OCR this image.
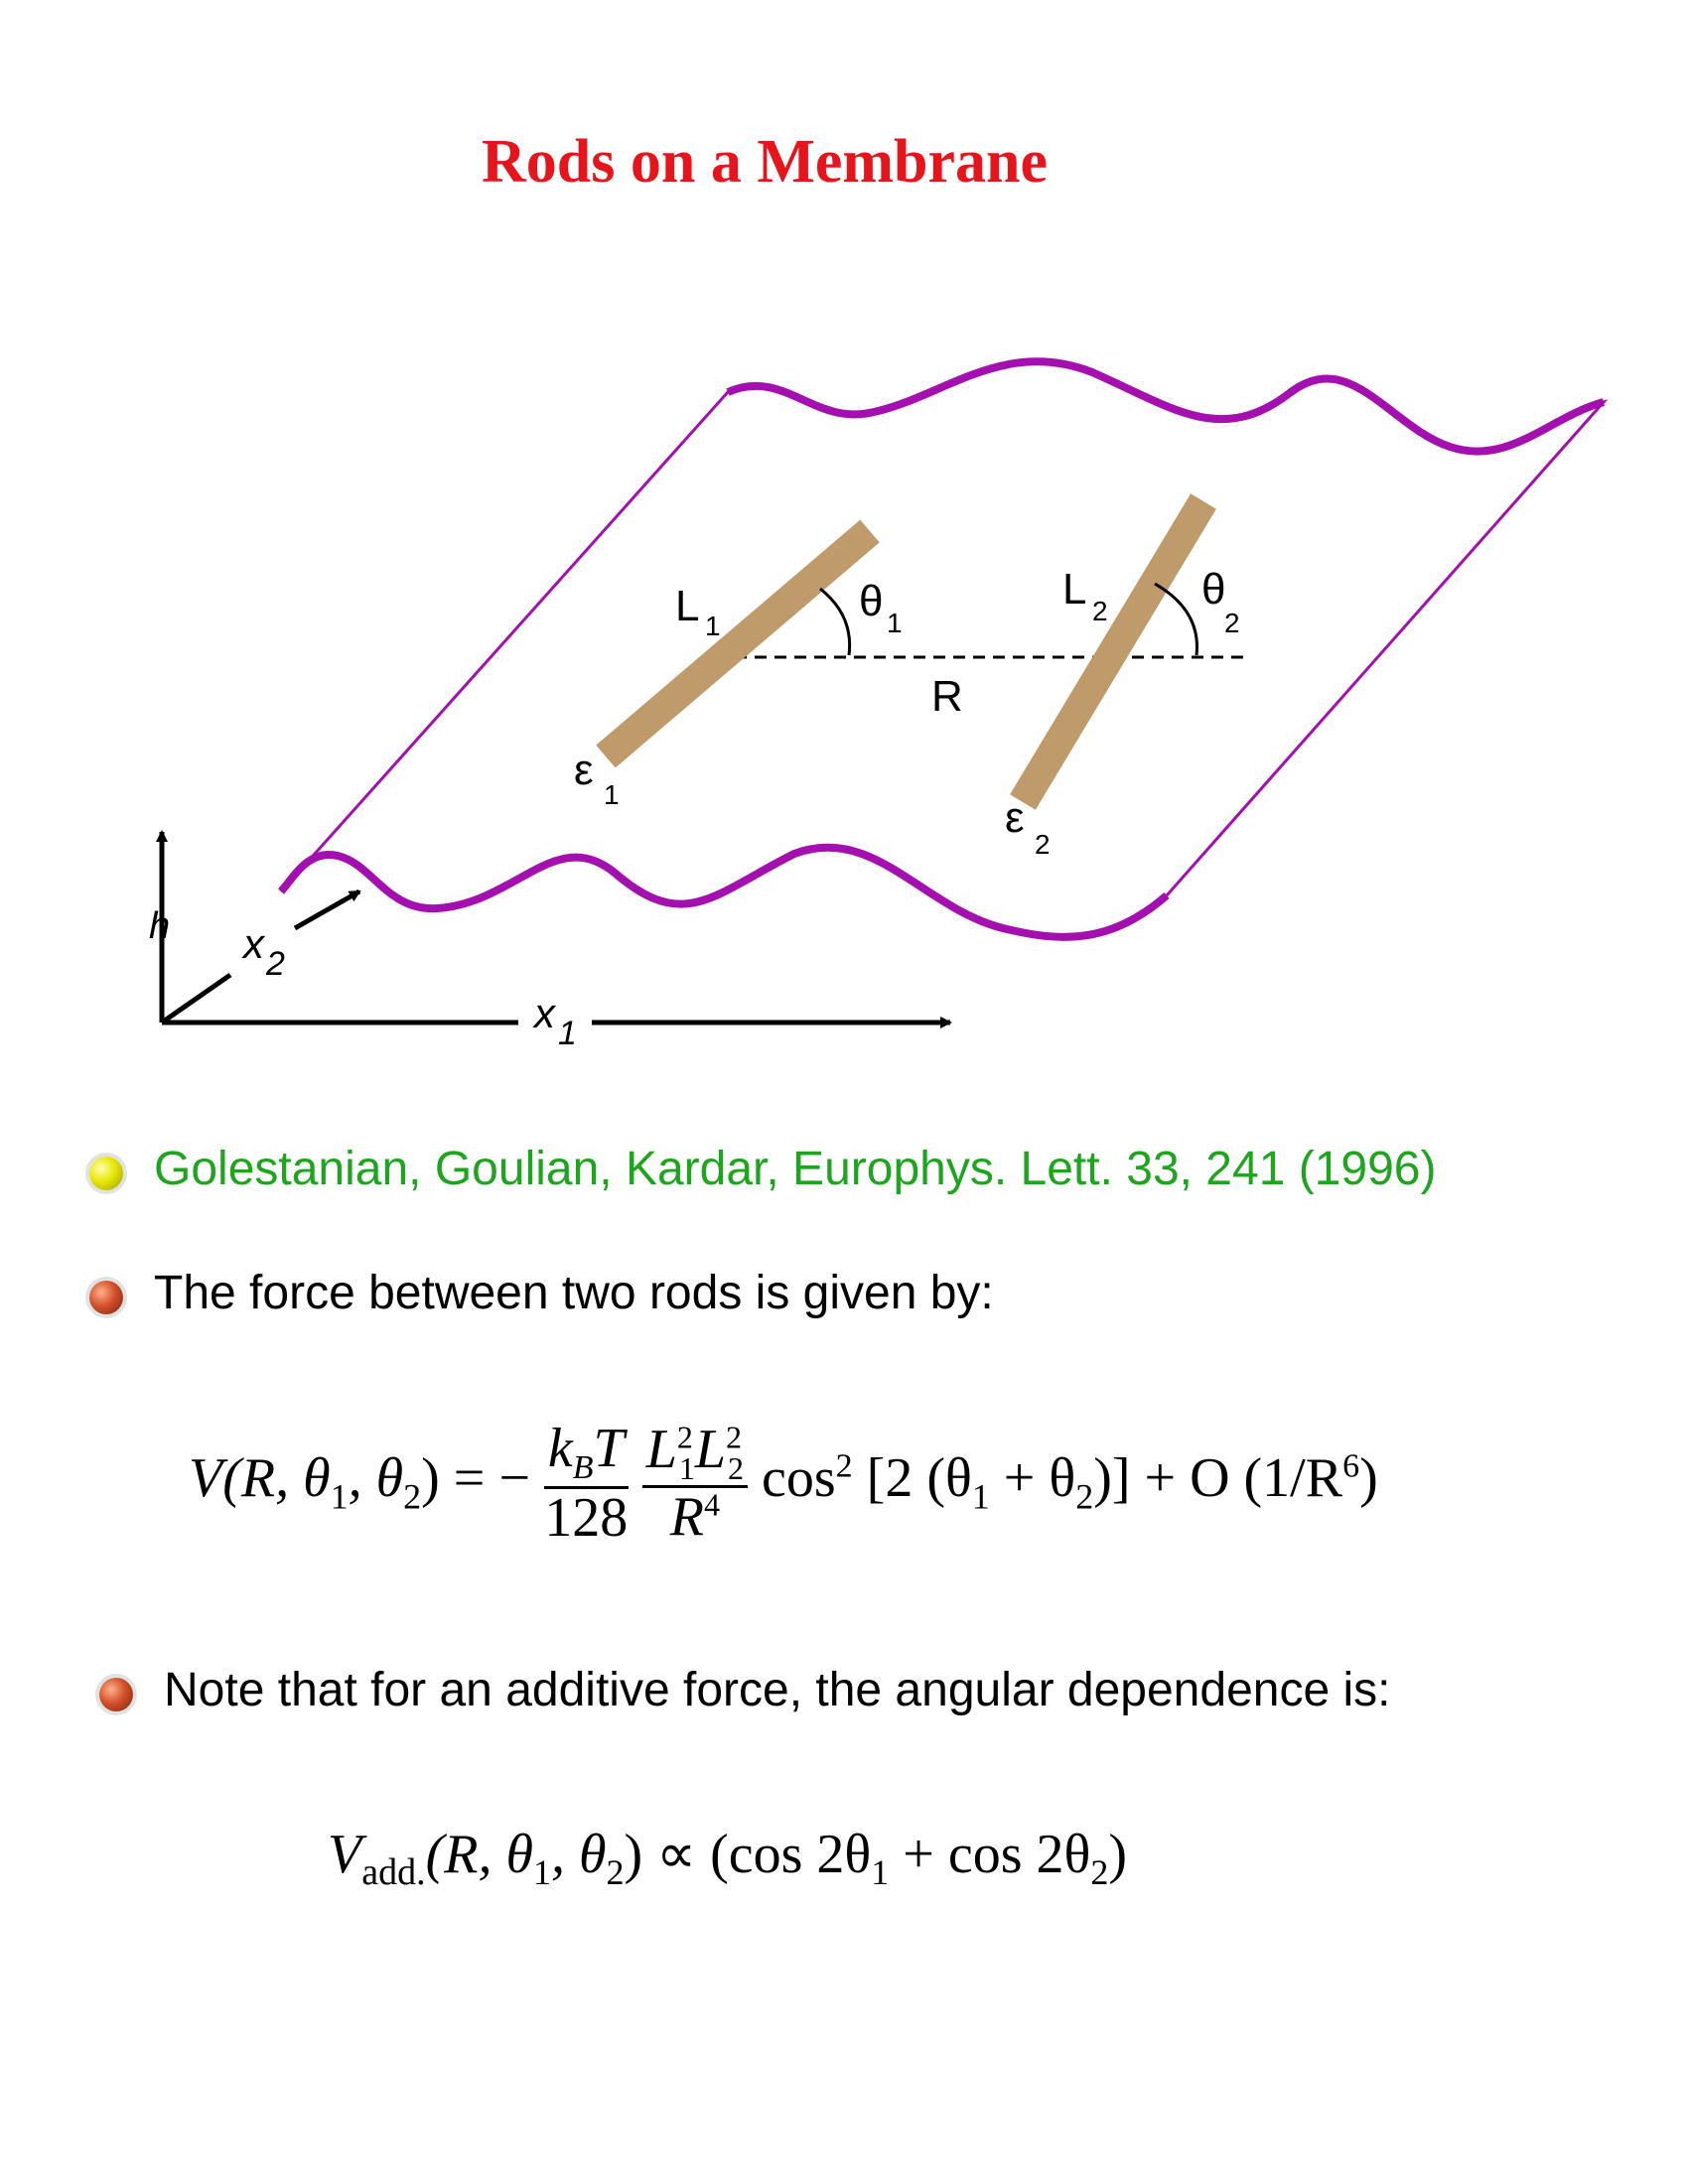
Rods on a Membrane
L 1
θ 1
ε
1
L 2 θ
2
ε
2
R
h x 2
x 1
Golestanian, Goulian, Kardar, Europhys. Lett. 33, 241 (1996)
The force between two rods is given by:
V(R, $\theta_1$, $\theta_2$) = − $\frac{k_BT}{128}$
$\frac{L^2_1L^2_2}{R^4} \cos^2 [2$ $(\theta_1 + \theta_2)] + O$ $(1/R^6)$
Note that for an additive force, the angular dependence is:
$V_{add.}(R$, $\theta_1$, $\theta_2) \propto (\cos$ $2\theta_1 + \cos 2\theta_2$)
